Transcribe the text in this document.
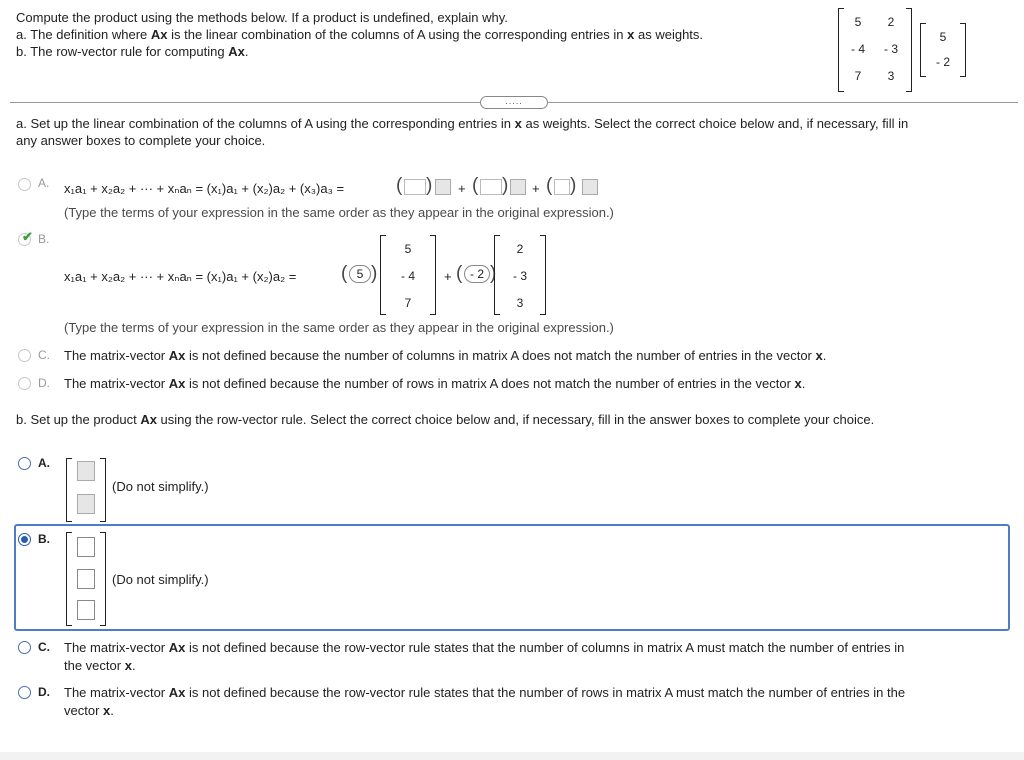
Compute the product using the methods below. If a product is undefined, explain why.
a. The definition where Ax is the linear combination of the columns of A using the corresponding entries in x as weights.
b. The row-vector rule for computing Ax.
5	2
- 4	- 3
7	3
5
- 2
.....
a. Set up the linear combination of the columns of A using the corresponding entries in x as weights. Select the correct choice below and, if necessary, fill in
any answer boxes to complete your choice.
A. x₁a₁ + x₂a₂ + ··· + xₙaₙ = (x₁)a₁ + (x₂)a₂ + (x₃)a₃ =	( ) + ( ) + ( )
(Type the terms of your expression in the same order as they appear in the original expression.)
✔ B.
x₁a₁ + x₂a₂ + ··· + xₙaₙ = (x₁)a₁ + (x₂)a₂ = ( 5 )
5
- 4
7
+ ( - 2 )
2
- 3
3
(Type the terms of your expression in the same order as they appear in the original expression.)
C. The matrix-vector Ax is not defined because the number of columns in matrix A does not match the number of entries in the vector x.
D. The matrix-vector Ax is not defined because the number of rows in matrix A does not match the number of entries in the vector x.
b. Set up the product Ax using the row-vector rule. Select the correct choice below and, if necessary, fill in the answer boxes to complete your choice.
A.
(Do not simplify.)
B.
(Do not simplify.)
C. The matrix-vector Ax is not defined because the row-vector rule states that the number of columns in matrix A must match the number of entries in
the vector x.
D. The matrix-vector Ax is not defined because the row-vector rule states that the number of rows in matrix A must match the number of entries in the
vector x.
